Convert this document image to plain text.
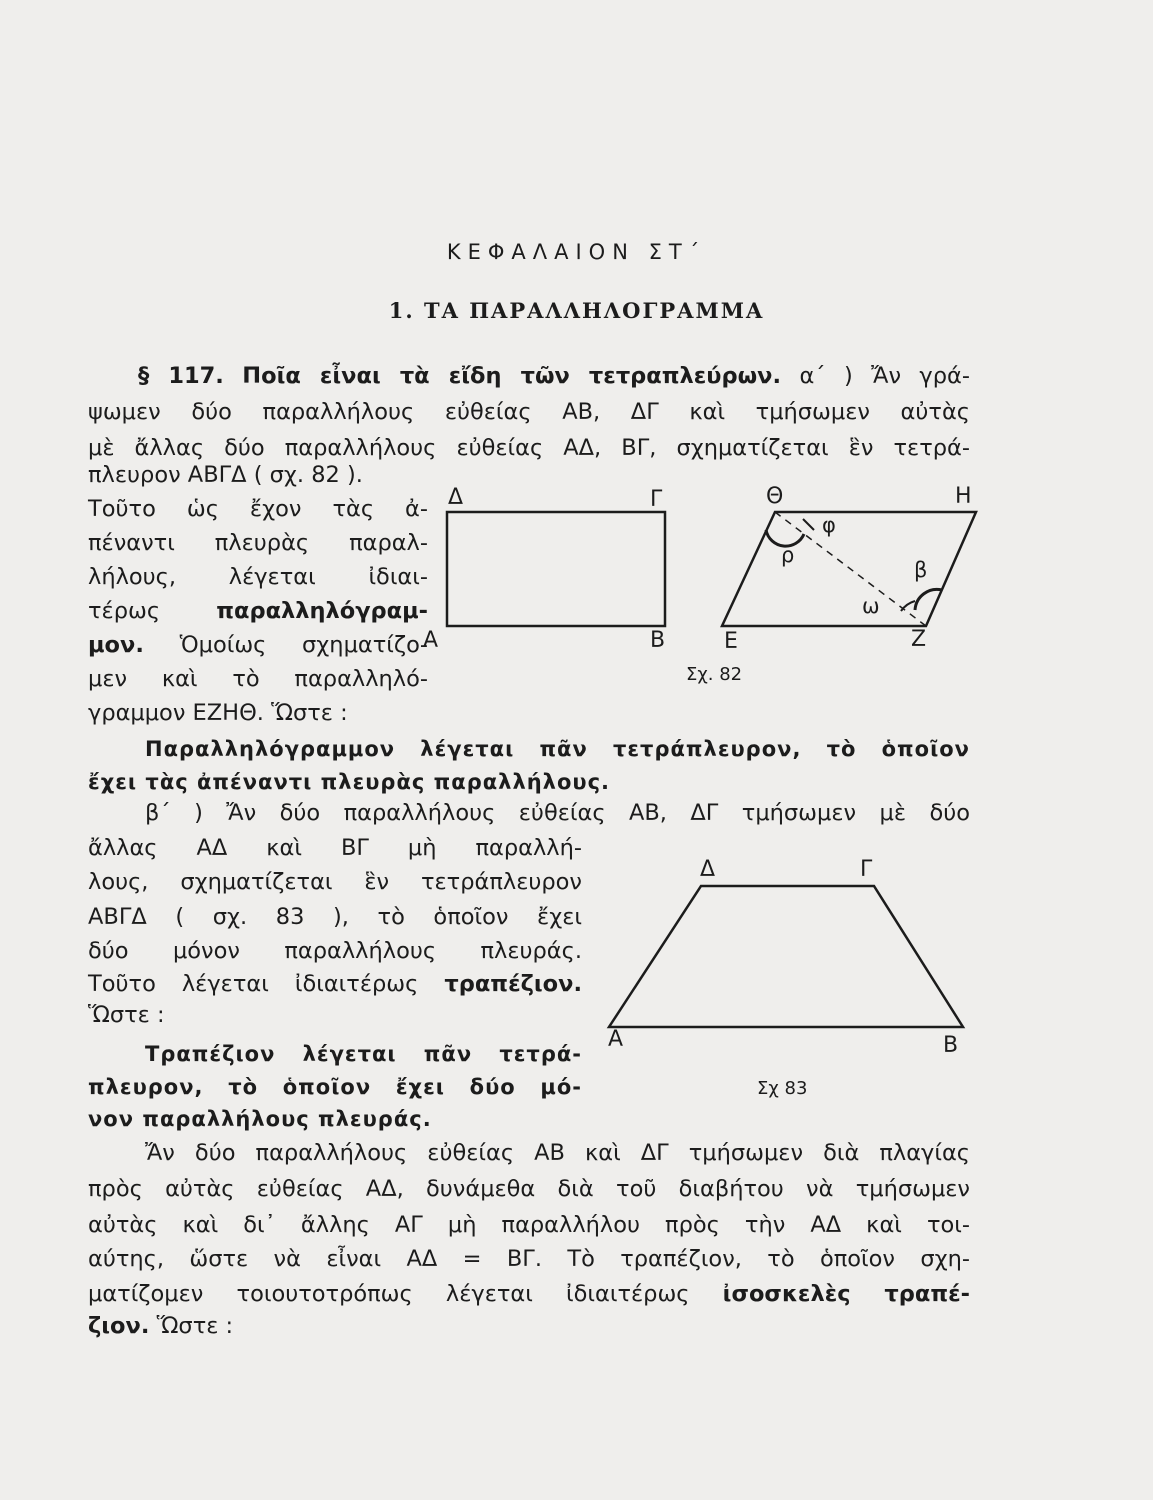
ΚΕΦΑΛΑΙΟΝ ΣΤ΄
1. ΤΑ ΠΑΡΑΛΛΗΛΟΓΡΑΜΜΑ
§ 117. Ποῖα εἶναι τὰ εἴδη τῶν τετραπλεύρων. α΄ ) Ἄν γρά-
ψωμεν δύο παραλλήλους εὐθείας ΑΒ, ΔΓ καὶ τμήσωμεν αὐτὰς
μὲ ἄλλας δύο παραλλήλους εὐθείας ΑΔ, ΒΓ, σχηματίζεται ἓν τετρά-
πλευρον ΑΒΓΔ ( σχ. 82 ).
Τοῦτο ὡς ἔχον τὰς ἀ-
πέναντι πλευρὰς παραλ-
λήλους, λέγεται ἰδιαι-
τέρως παραλληλόγραμ-
μον. Ὁμοίως σχηματίζο-
μεν καὶ τὸ παραλληλό-
γραμμον ΕΖΗΘ. Ὥστε :
Παραλληλόγραμμον λέγεται πᾶν τετράπλευρον, τὸ ὁποῖον
ἔχει τὰς ἀπέναντι πλευρὰς παραλλήλους.
β΄ ) Ἄν δύο παραλλήλους εὐθείας ΑΒ, ΔΓ τμήσωμεν μὲ δύο
ἄλλας ΑΔ καὶ ΒΓ μὴ παραλλή-
λους, σχηματίζεται ἓν τετράπλευρον
ΑΒΓΔ ( σχ. 83 ), τὸ ὁποῖον ἔχει
δύο μόνον παραλλήλους πλευράς.
Τοῦτο λέγεται ἰδιαιτέρως τραπέζιον.
Ὥστε :
Τραπέζιον λέγεται πᾶν τετρά-
πλευρον, τὸ ὁποῖον ἔχει δύο μό-
νον παραλλήλους πλευράς.
Ἄν δύο παραλλήλους εὐθείας ΑΒ καὶ ΔΓ τμήσωμεν διὰ πλαγίας
πρὸς αὐτὰς εὐθείας ΑΔ, δυνάμεθα διὰ τοῦ διαβήτου νὰ τμήσωμεν
αὐτὰς καὶ δι᾽ ἄλλης ΑΓ μὴ παραλλήλου πρὸς τὴν ΑΔ καὶ τοι-
αύτης, ὥστε νὰ εἶναι ΑΔ = ΒΓ. Τὸ τραπέζιον, τὸ ὁποῖον σχη-
ματίζομεν τοιουτοτρόπως λέγεται ἰδιαιτέρως ἰσοσκελὲς τραπέ-
ζιον. Ὥστε :
Δ	Γ
Α	Β
Θ	Η
Ε	Ζ
φ
ρ
β
ω
Σχ. 82
Δ	Γ
Α	Β
Σχ 83
